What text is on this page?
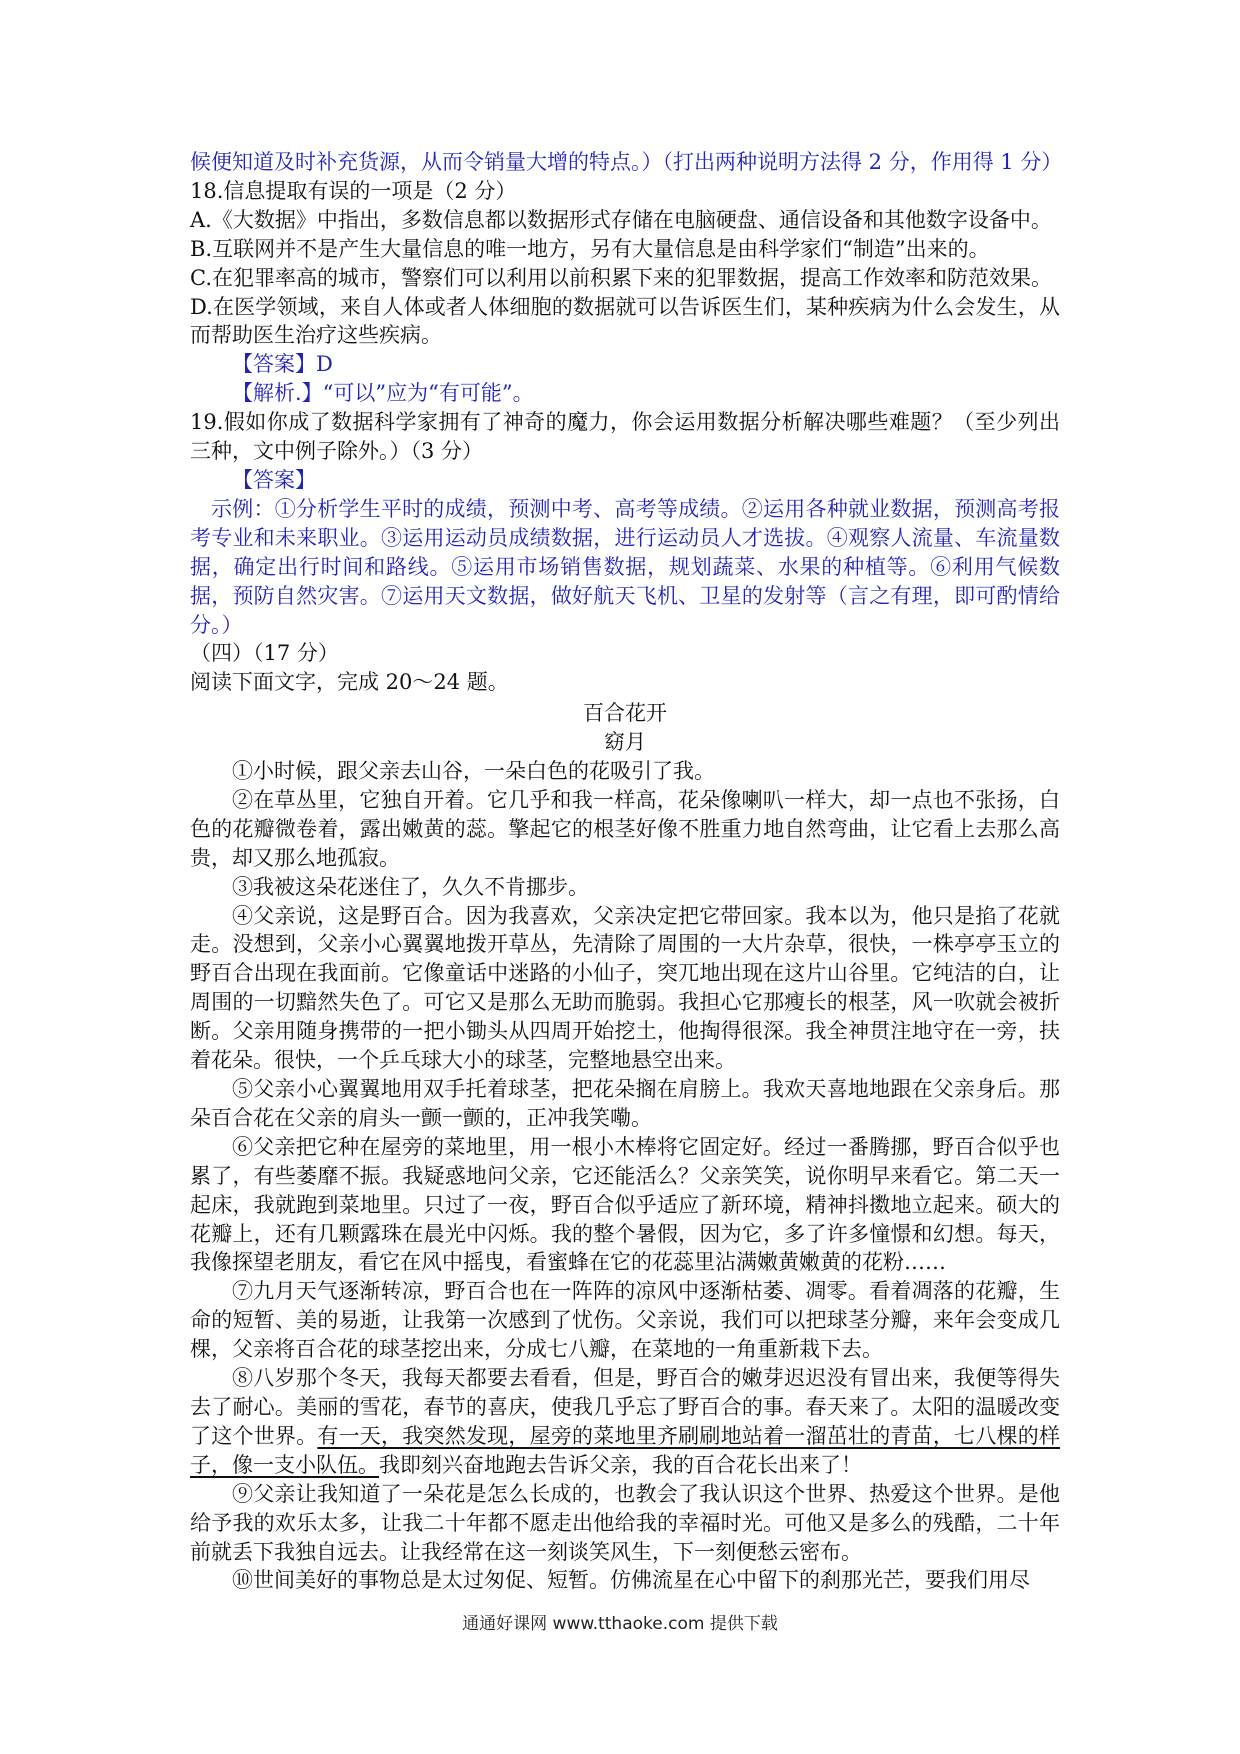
候便知道及时补充货源，从而令销量大增的特点。）（打出两种说明方法得 2 分，作用得 1 分）

18.信息提取有误的一项是（2 分）

A.《大数据》中指出，多数信息都以数据形式存储在电脑硬盘、通信设备和其他数字设备中。

B.互联网并不是产生大量信息的唯一地方，另有大量信息是由科学家们“制造”出来的。

C.在犯罪率高的城市，警察们可以利用以前积累下来的犯罪数据，提高工作效率和防范效果。

D.在医学领域，来自人体或者人体细胞的数据就可以告诉医生们，某种疾病为什么会发生，从而帮助医生治疗这些疾病。

【答案】D

【解析.】“可以”应为“有可能”。

19.假如你成了数据科学家拥有了神奇的魔力，你会运用数据分析解决哪些难题？（至少列出三种，文中例子除外。）（3 分）

【答案】

示例：①分析学生平时的成绩，预测中考、高考等成绩。②运用各种就业数据，预测高考报考专业和未来职业。③运用运动员成绩数据，进行运动员人才选拔。④观察人流量、车流量数据，确定出行时间和路线。⑤运用市场销售数据，规划蔬菜、水果的种植等。⑥利用气候数据，预防自然灾害。⑦运用天文数据，做好航天飞机、卫星的发射等（言之有理，即可酌情给分。）

（四）（17 分）

阅读下面文字，完成 20～24 题。

百合花开

窈月

①小时候，跟父亲去山谷，一朵白色的花吸引了我。

②在草丛里，它独自开着。它几乎和我一样高，花朵像喇叭一样大，却一点也不张扬，白色的花瓣微卷着，露出嫩黄的蕊。擎起它的根茎好像不胜重力地自然弯曲，让它看上去那么高贵，却又那么地孤寂。

③我被这朵花迷住了，久久不肯挪步。

④父亲说，这是野百合。因为我喜欢，父亲决定把它带回家。我本以为，他只是掐了花就走。没想到，父亲小心翼翼地拨开草丛，先清除了周围的一大片杂草，很快，一株亭亭玉立的野百合出现在我面前。它像童话中迷路的小仙子，突兀地出现在这片山谷里。它纯洁的白，让周围的一切黯然失色了。可它又是那么无助而脆弱。我担心它那瘦长的根茎，风一吹就会被折断。父亲用随身携带的一把小锄头从四周开始挖土，他掏得很深。我全神贯注地守在一旁，扶着花朵。很快，一个乒乓球大小的球茎，完整地悬空出来。

⑤父亲小心翼翼地用双手托着球茎，把花朵搁在肩膀上。我欢天喜地地跟在父亲身后。那朵百合花在父亲的肩头一颤一颤的，正冲我笑嘞。

⑥父亲把它种在屋旁的菜地里，用一根小木棒将它固定好。经过一番腾挪，野百合似乎也累了，有些萎靡不振。我疑惑地问父亲，它还能活么？父亲笑笑，说你明早来看它。第二天一起床，我就跑到菜地里。只过了一夜，野百合似乎适应了新环境，精神抖擞地立起来。硕大的花瓣上，还有几颗露珠在晨光中闪烁。我的整个暑假，因为它，多了许多憧憬和幻想。每天，我像探望老朋友，看它在风中摇曳，看蜜蜂在它的花蕊里沾满嫩黄嫩黄的花粉……

⑦九月天气逐渐转凉，野百合也在一阵阵的凉风中逐渐枯萎、凋零。看着凋落的花瓣，生命的短暂、美的易逝，让我第一次感到了忧伤。父亲说，我们可以把球茎分瓣，来年会变成几棵，父亲将百合花的球茎挖出来，分成七八瓣，在菜地的一角重新栽下去。

⑧八岁那个冬天，我每天都要去看看，但是，野百合的嫩芽迟迟没有冒出来，我便等得失去了耐心。美丽的雪花，春节的喜庆，使我几乎忘了野百合的事。春天来了。太阳的温暖改变了这个世界。有一天，我突然发现，屋旁的菜地里齐刷刷地站着一溜茁壮的青苗，七八棵的样子，像一支小队伍。我即刻兴奋地跑去告诉父亲，我的百合花长出来了！

⑨父亲让我知道了一朵花是怎么长成的，也教会了我认识这个世界、热爱这个世界。是他给予我的欢乐太多，让我二十年都不愿走出他给我的幸福时光。可他又是多么的残酷，二十年前就丢下我独自远去。让我经常在这一刻谈笑风生，下一刻便愁云密布。

⑩世间美好的事物总是太过匆促、短暂。仿佛流星在心中留下的刹那光芒，要我们用尽

通通好课网 www.tthaoke.com 提供下载
